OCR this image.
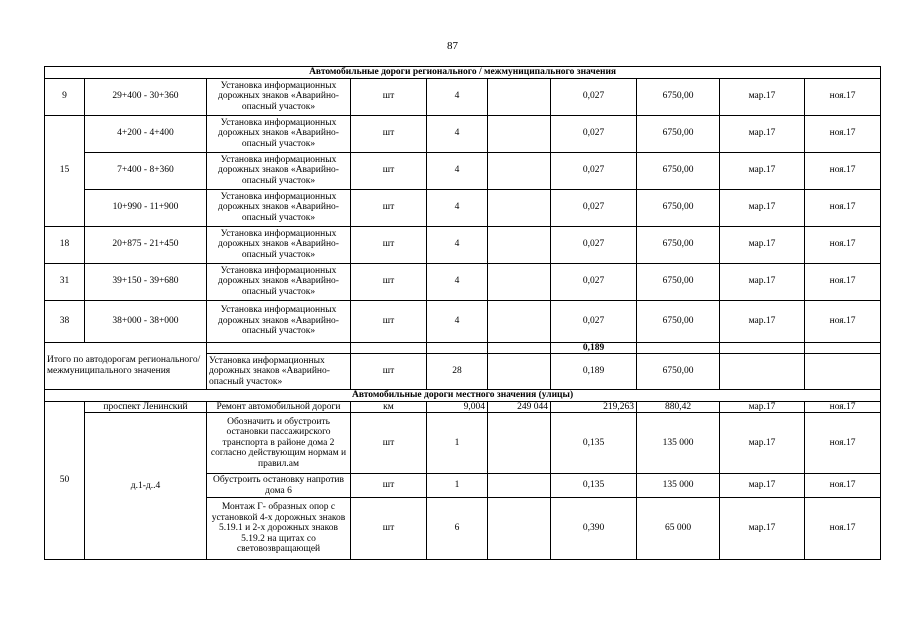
87
Автомобильные дороги регионального / межмуниципального значения									
9	29+400 - 30+360	Установка информационных дорожных знаков «Аварийно-опасный участок»	шт	4		0,027	6750,00	мар.17	ноя.17
15	4+200 - 4+400	Установка информационных дорожных знаков «Аварийно-опасный участок»	шт	4		0,027	6750,00	мар.17	ноя.17
	7+400 - 8+360	Установка информационных дорожных знаков «Аварийно-опасный участок»	шт	4		0,027	6750,00	мар.17	ноя.17
	10+990 - 11+900	Установка информационных дорожных знаков «Аварийно-опасный участок»	шт	4		0,027	6750,00	мар.17	ноя.17
18	20+875 - 21+450	Установка информационных дорожных знаков «Аварийно-опасный участок»	шт	4		0,027	6750,00	мар.17	ноя.17
31	39+150 - 39+680	Установка информационных дорожных знаков «Аварийно-опасный участок»	шт	4		0,027	6750,00	мар.17	ноя.17
38	38+000 - 38+000	Установка информационных дорожных знаков «Аварийно-опасный участок»	шт	4		0,027	6750,00	мар.17	ноя.17
Итого по автодорогам регионального/ межмуниципального значения						0,189			
		Установка информационных дорожных знаков «Аварийно-опасный участок»	шт	28		0,189	6750,00		
Автомобильные дороги местного значения (улицы)									
50	проспект Ленинский	Ремонт автомобильной дороги	км	9,004	249 044	219,263	880,42	мар.17	ноя.17
	д.1-д..4	Обозначить и обустроить остановки пассажирского транспорта в районе дома 2 согласно действующим нормам и правил.ам	шт	1		0,135	135 000	мар.17	ноя.17
		Обустроить остановку напротив дома 6	шт	1		0,135	135 000	мар.17	ноя.17
		Монтаж Г- образных опор с установкой 4-х дорожных знаков 5.19.1 и 2-х дорожных знаков 5.19.2 на щитах со световозвращающей	шт	6		0,390	65 000	мар.17	ноя.17
